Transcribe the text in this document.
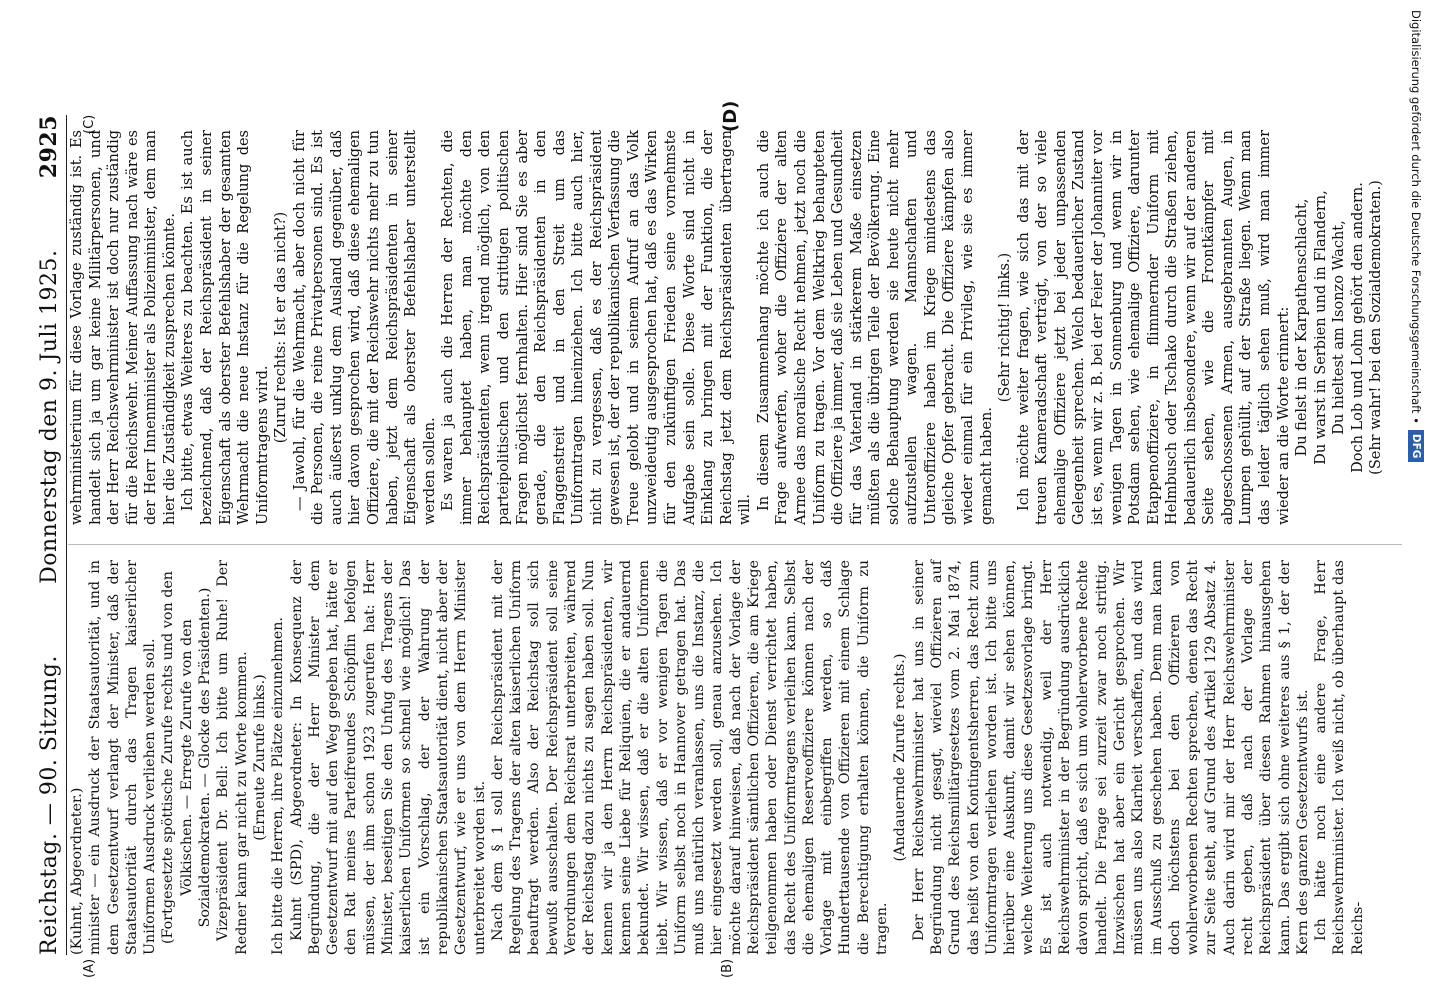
Reichstag. — 90. Sitzung.
Donnerstag den 9. Juli 1925.
2925
(A)	(B)
(C)	(D)

(Kuhnt, Abgeordneter.) minister — ein Ausdruck der Staatsautorität, und in dem Gesetzentwurf verlangt der Minister, daß der Staatsautorität durch das Tragen kaiserlicher Uniformen Ausdruck verliehen werden soll. (Fortgesetzte spöttische Zurufe rechts und von den Völkischen. — Erregte Zurufe von den Sozialdemokraten. — Glocke des Präsidenten.) Vizepräsident Dr. Bell: Ich bitte um Ruhe! Der Redner kann gar nicht zu Worte kommen. (Erneute Zurufe links.) Ich bitte die Herren, ihre Plätze einzunehmen. Kuhnt (SPD), Abgeordneter: In Konsequenz der Begründung, die der Herr Minister dem Gesetzentwurf mit auf den Weg gegeben hat, hätte er den Rat meines Parteifreundes Schöpflin befolgen müssen, der ihm schon 1923 zugerufen hat: Herr Minister, beseitigen Sie den Unfug des Tragens der kaiserlichen Uniformen so schnell wie möglich! Das ist ein Vorschlag, der der Wahrung der republikanischen Staatsautorität dient, nicht aber der Gesetzentwurf, wie er uns von dem Herrn Minister unterbreitet worden ist. Nach dem § 1 soll der Reichspräsident mit der Regelung des Tragens der alten kaiserlichen Uniform beauftragt werden. Also der Reichstag soll sich bewußt ausschalten. Der Reichspräsident soll seine Verordnungen dem Reichsrat unterbreiten, während der Reichstag dazu nichts zu sagen haben soll. Nun kennen wir ja den Herrn Reichspräsidenten, wir kennen seine Liebe für Reliquien, die er andauernd bekundet. Wir wissen, daß er die alten Uniformen liebt. Wir wissen, daß er vor wenigen Tagen die Uniform selbst noch in Hannover getragen hat. Das muß uns natürlich veranlassen, uns die Instanz, die hier eingesetzt werden soll, genau anzusehen. Ich möchte darauf hinweisen, daß nach der Vorlage der Reichspräsident sämtlichen Offizieren, die am Kriege teilgenommen haben oder Dienst verrichtet haben, das Recht des Uniformtragens verleihen kann. Selbst die ehemaligen Reserveoffiziere können nach der Vorlage mit einbegriffen werden, so daß Hunderttausende von Offizieren mit einem Schlage die Berechtigung erhalten können, die Uniform zu tragen.

(Andauernde Zurufe rechts.) Der Herr Reichswehrminister hat uns in seiner Begründung nicht gesagt, wieviel Offizieren auf Grund des Reichsmilitärgesetzes vom 2. Mai 1874, das heißt von den Kontingentsherren, das Recht zum Uniformtragen verliehen worden ist. Ich bitte uns hierüber eine Auskunft, damit wir sehen können, welche Weiterung uns diese Gesetzesvorlage bringt. Es ist auch notwendig, weil der Herr Reichswehrminister in der Begründung ausdrücklich davon spricht, daß es sich um wohlerworbene Rechte handelt. Die Frage sei zurzeit zwar noch strittig. Inzwischen hat aber ein Gericht gesprochen. Wir müssen uns also Klarheit verschaffen, und das wird im Ausschuß zu geschehen haben. Denn man kann doch höchstens bei den Offizieren von wohlerworbenen Rechten sprechen, denen das Recht zur Seite steht, auf Grund des Artikel 129 Absatz 4. Auch darin wird mir der Herr Reichswehrminister recht geben, daß nach der Vorlage der Reichspräsident über diesen Rahmen hinausgehen kann. Das ergibt sich ohne weiteres aus § 1, der der Kern des ganzen Gesetzentwurfs ist. Ich hätte noch eine andere Frage, Herr Reichswehrminister. Ich weiß nicht, ob überhaupt das Reichs-

wehrministerium für diese Vorlage zuständig ist. Es handelt sich ja um gar keine Militärpersonen, und der Herr Reichswehrminister ist doch nur zuständig für die Reichswehr. Meiner Auffassung nach wäre es der Herr Innenminister als Polizeiminister, dem man hier die Zuständigkeit zusprechen könnte. Ich bitte, etwas Weiteres zu beachten. Es ist auch bezeichnend, daß der Reichspräsident in seiner Eigenschaft als oberster Befehlshaber der gesamten Wehrmacht die neue Instanz für die Regelung des Uniformtragens wird.

(Zuruf rechts: Ist er das nicht?) — Jawohl, für die Wehrmacht, aber doch nicht für die Personen, die reine Privatpersonen sind. Es ist auch äußerst unklug dem Ausland gegenüber, daß hier davon gesprochen wird, daß diese ehemaligen Offiziere, die mit der Reichswehr nichts mehr zu tun haben, jetzt dem Reichspräsidenten in seiner Eigenschaft als oberster Befehlshaber unterstellt werden sollen. Es waren ja auch die Herren der Rechten, die immer behauptet haben, man möchte den Reichspräsidenten, wenn irgend möglich, von den parteipolitischen und den strittigen politischen Fragen möglichst fernhalten. Hier sind Sie es aber gerade, die den Reichspräsidenten in den Flaggenstreit und in den Streit um das Uniformtragen hineinziehen. Ich bitte auch hier, nicht zu vergessen, daß es der Reichspräsident gewesen ist, der der republikanischen Verfassung die Treue gelobt und in seinem Aufruf an das Volk unzweideutig ausgesprochen hat, daß es das Wirken für den zukünftigen Frieden seine vornehmste Aufgabe sein solle. Diese Worte sind nicht in Einklang zu bringen mit der Funktion, die der Reichstag jetzt dem Reichspräsidenten übertragen will. In diesem Zusammenhang möchte ich auch die Frage aufwerfen, woher die Offiziere der alten Armee das moralische Recht nehmen, jetzt noch die Uniform zu tragen. Vor dem Weltkrieg behaupteten die Offiziere ja immer, daß sie Leben und Gesundheit für das Vaterland in stärkerem Maße einsetzen müßten als die übrigen Teile der Bevölkerung. Eine solche Behauptung werden sie heute nicht mehr aufzustellen wagen. Mannschaften und Unteroffiziere haben im Kriege mindestens das gleiche Opfer gebracht. Die Offiziere kämpfen also wieder einmal für ein Privileg, wie sie es immer gemacht haben.

(Sehr richtig! links.) Ich möchte weiter fragen, wie sich das mit der treuen Kameradschaft verträgt, von der so viele ehemalige Offiziere jetzt bei jeder unpassenden Gelegenheit sprechen. Welch bedauerlicher Zustand ist es, wenn wir z. B. bei der Feier der Johanniter vor wenigen Tagen in Sonnenburg und wenn wir in Potsdam sehen, wie ehemalige Offiziere, darunter Etappenoffiziere, in flimmernder Uniform mit Helmbusch oder Tschako durch die Straßen ziehen, bedauerlich insbesondere, wenn wir auf der anderen Seite sehen, wie die Frontkämpfer mit abgeschossenen Armen, ausgebrannten Augen, in Lumpen gehüllt, auf der Straße liegen. Wenn man das leider täglich sehen muß, wird man immer wieder an die Worte erinnert: Du fielst in der Karpathenschlacht, Du warst in Serbien und in Flandern, Du hieltest am Isonzo Wacht, Doch Lob und Lohn gehört den andern. (Sehr wahr! bei den Sozialdemokraten.) Digitalisierung gefördert durch die Deutsche Forschungsgemeinschaft •
DFG
